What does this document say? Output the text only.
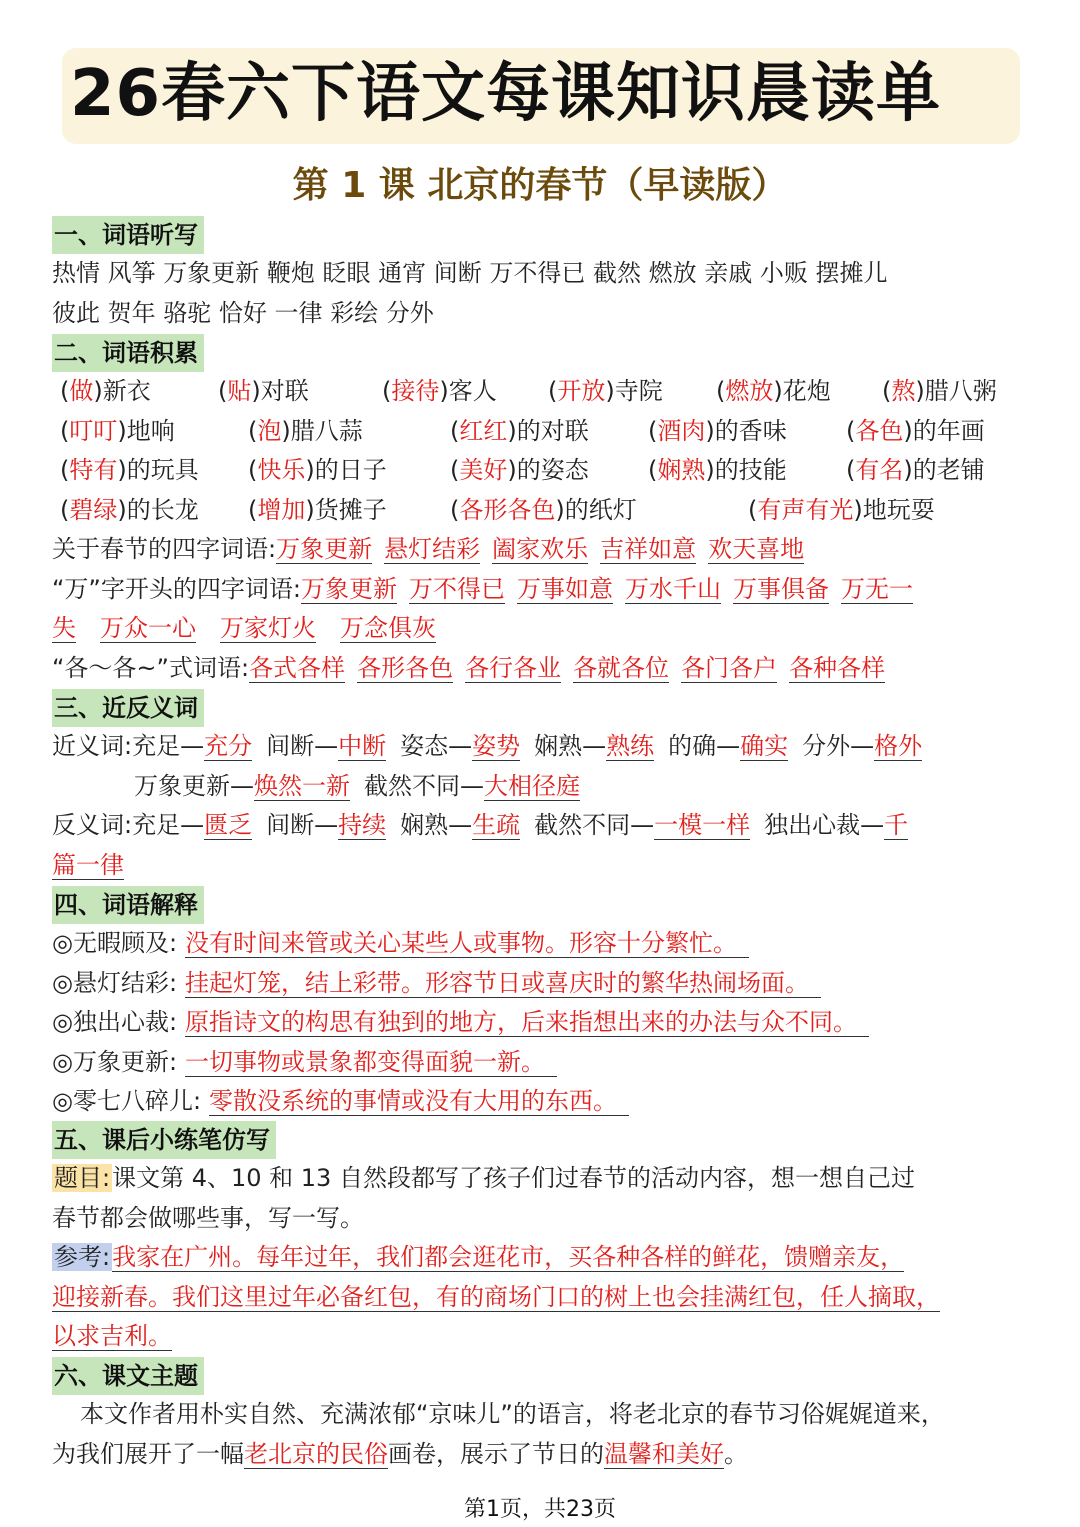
26春六下语文每课知识晨读单
第 1 课 北京的春节（早读版）
一、词语听写
热情 风筝 万象更新 鞭炮 眨眼 通宵 间断 万不得已 截然 燃放 亲戚 小贩 摆摊儿
彼此 贺年 骆驼 恰好 一律 彩绘 分外
二、词语积累
(做)新衣	(贴)对联	(接待)客人 (开放)寺院 (燃放)花炮 (熬)腊八粥
(叮叮)地响	(泡)腊八蒜	(红红)的对联 (酒肉)的香味 (各色)的年画
(特有)的玩具 (快乐)的日子	(美好)的姿态 (娴熟)的技能 (有名)的老铺
(碧绿)的长龙 (增加)货摊子	(各形各色)的纸灯	(有声有光)地玩耍
关于春节的四字词语:万象更新 悬灯结彩 阖家欢乐 吉祥如意 欢天喜地
“万”字开头的四字词语:万象更新 万不得已 万事如意 万水千山 万事俱备 万无一
失 万众一心 万家灯火 万念俱灰
“各～各~”式词语:各式各样 各形各色 各行各业 各就各位 各门各户 各种各样
三、近反义词
近义词:充足—充分 间断—中断 姿态—姿势 娴熟—熟练 的确—确实 分外—格外
万象更新—焕然一新 截然不同—大相径庭
反义词:充足—匮乏 间断—持续 娴熟—生疏 截然不同—一模一样 独出心裁—千
篇一律
四、词语解释
◎无暇顾及: 没有时间来管或关心某些人或事物。形容十分繁忙。
◎悬灯结彩: 挂起灯笼，结上彩带。形容节日或喜庆时的繁华热闹场面。
◎独出心裁: 原指诗文的构思有独到的地方，后来指想出来的办法与众不同。
◎万象更新: 一切事物或景象都变得面貌一新。
◎零七八碎儿: 零散没系统的事情或没有大用的东西。
五、课后小练笔仿写
题目:课文第 4、10 和 13 自然段都写了孩子们过春节的活动内容，想一想自己过
春节都会做哪些事，写一写。
参考:我家在广州。每年过年，我们都会逛花市，买各种各样的鲜花，馈赠亲友，
迎接新春。我们这里过年必备红包，有的商场门口的树上也会挂满红包，任人摘取，
以求吉利。
六、课文主题
本文作者用朴实自然、充满浓郁“京味儿”的语言，将老北京的春节习俗娓娓道来，
为我们展开了一幅老北京的民俗画卷，展示了节日的温馨和美好。
第1页，共23页
